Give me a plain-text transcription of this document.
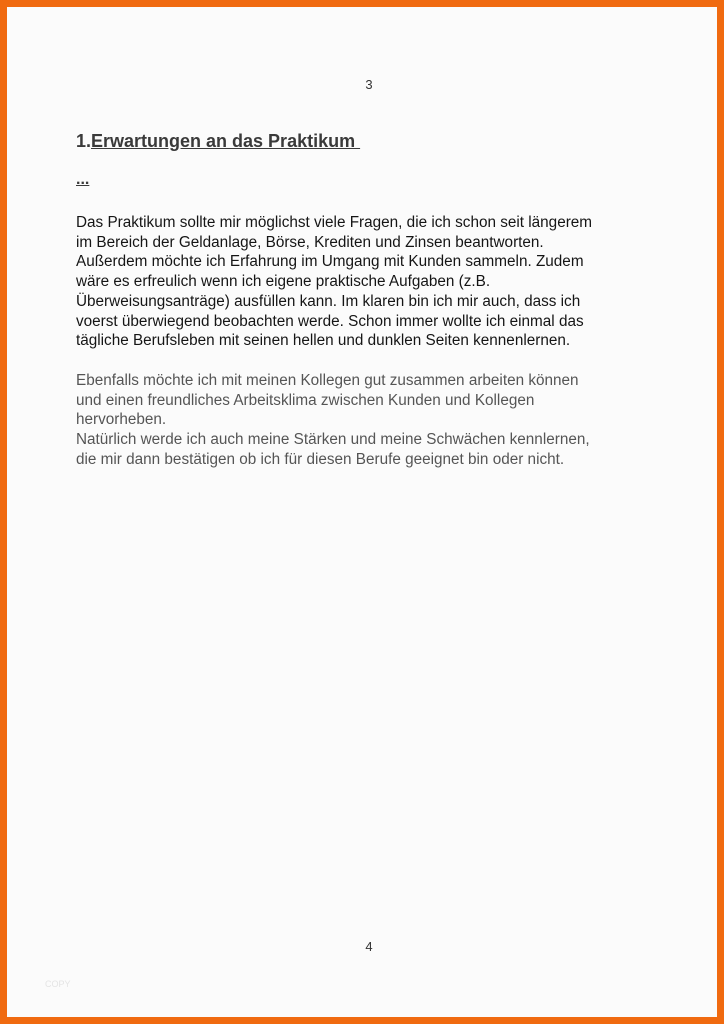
3
1.Erwartungen an das Praktikum
...
Das Praktikum sollte mir möglichst viele Fragen, die ich schon seit längerem
im Bereich der Geldanlage, Börse, Krediten und Zinsen beantworten.
Außerdem möchte ich Erfahrung im Umgang mit Kunden sammeln. Zudem
wäre es erfreulich wenn ich eigene praktische Aufgaben (z.B.
Überweisungsanträge) ausfüllen kann. Im klaren bin ich mir auch, dass ich
voerst überwiegend beobachten werde. Schon immer wollte ich einmal das
tägliche Berufsleben mit seinen hellen und dunklen Seiten kennenlernen.
Ebenfalls möchte ich mit meinen Kollegen gut zusammen arbeiten können
und einen freundliches Arbeitsklima zwischen Kunden und Kollegen
hervorheben.
Natürlich werde ich auch meine Stärken und meine Schwächen kennlernen,
die mir dann bestätigen ob ich für diesen Berufe geeignet bin oder nicht.
4
COPY
